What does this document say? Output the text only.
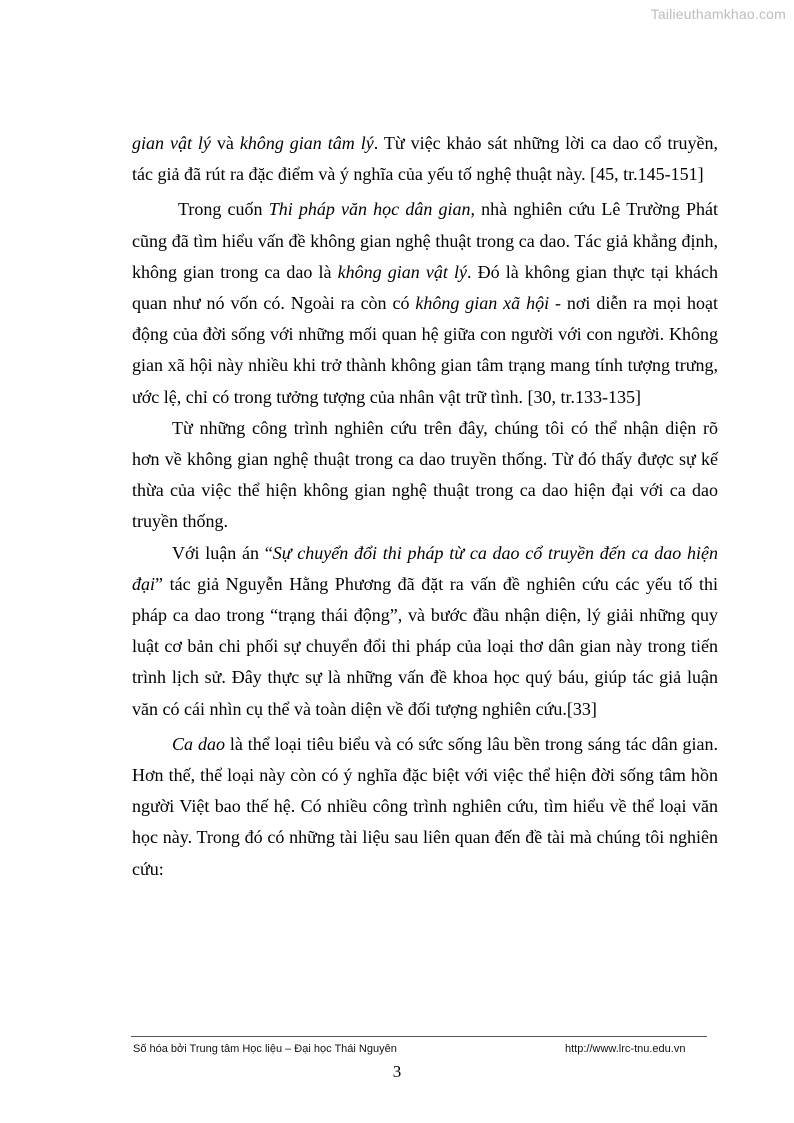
Tailieuthamkhao.com

gian vật lý và không gian tâm lý. Từ việc khảo sát những lời ca dao cổ truyền, tác giả đã rút ra đặc điểm và ý nghĩa của yếu tố nghệ thuật này. [45, tr.145-151]

Trong cuốn Thi pháp văn học dân gian, nhà nghiên cứu Lê Trường Phát cũng đã tìm hiểu vấn đề không gian nghệ thuật trong ca dao. Tác giả khẳng định, không gian trong ca dao là không gian vật lý. Đó là không gian thực tại khách quan như nó vốn có. Ngoài ra còn có không gian xã hội - nơi diễn ra mọi hoạt động của đời sống với những mối quan hệ giữa con người với con người. Không gian xã hội này nhiều khi trở thành không gian tâm trạng mang tính tượng trưng, ước lệ, chỉ có trong tưởng tượng của nhân vật trữ tình. [30, tr.133-135]

Từ những công trình nghiên cứu trên đây, chúng tôi có thể nhận diện rõ hơn về không gian nghệ thuật trong ca dao truyền thống. Từ đó thấy được sự kế thừa của việc thể hiện không gian nghệ thuật trong ca dao hiện đại với ca dao truyền thống.

Với luận án “Sự chuyển đổi thi pháp từ ca dao cổ truyền đến ca dao hiện đại” tác giả Nguyễn Hằng Phương đã đặt ra vấn đề nghiên cứu các yếu tố thi pháp ca dao trong “trạng thái động”, và bước đầu nhận diện, lý giải những quy luật cơ bản chi phối sự chuyển đổi thi pháp của loại thơ dân gian này trong tiến trình lịch sử. Đây thực sự là những vấn đề khoa học quý báu, giúp tác giả luận văn có cái nhìn cụ thể và toàn diện về đối tượng nghiên cứu.[33]

Ca dao là thể loại tiêu biểu và có sức sống lâu bền trong sáng tác dân gian. Hơn thế, thể loại này còn có ý nghĩa đặc biệt với việc thể hiện đời sống tâm hồn người Việt bao thế hệ. Có nhiều công trình nghiên cứu, tìm hiểu về thể loại văn học này. Trong đó có những tài liệu sau liên quan đến đề tài mà chúng tôi nghiên cứu:

Số hóa bởi Trung tâm Học liệu – Đại học Thái Nguyên	http://www.lrc-tnu.edu.vn
3
